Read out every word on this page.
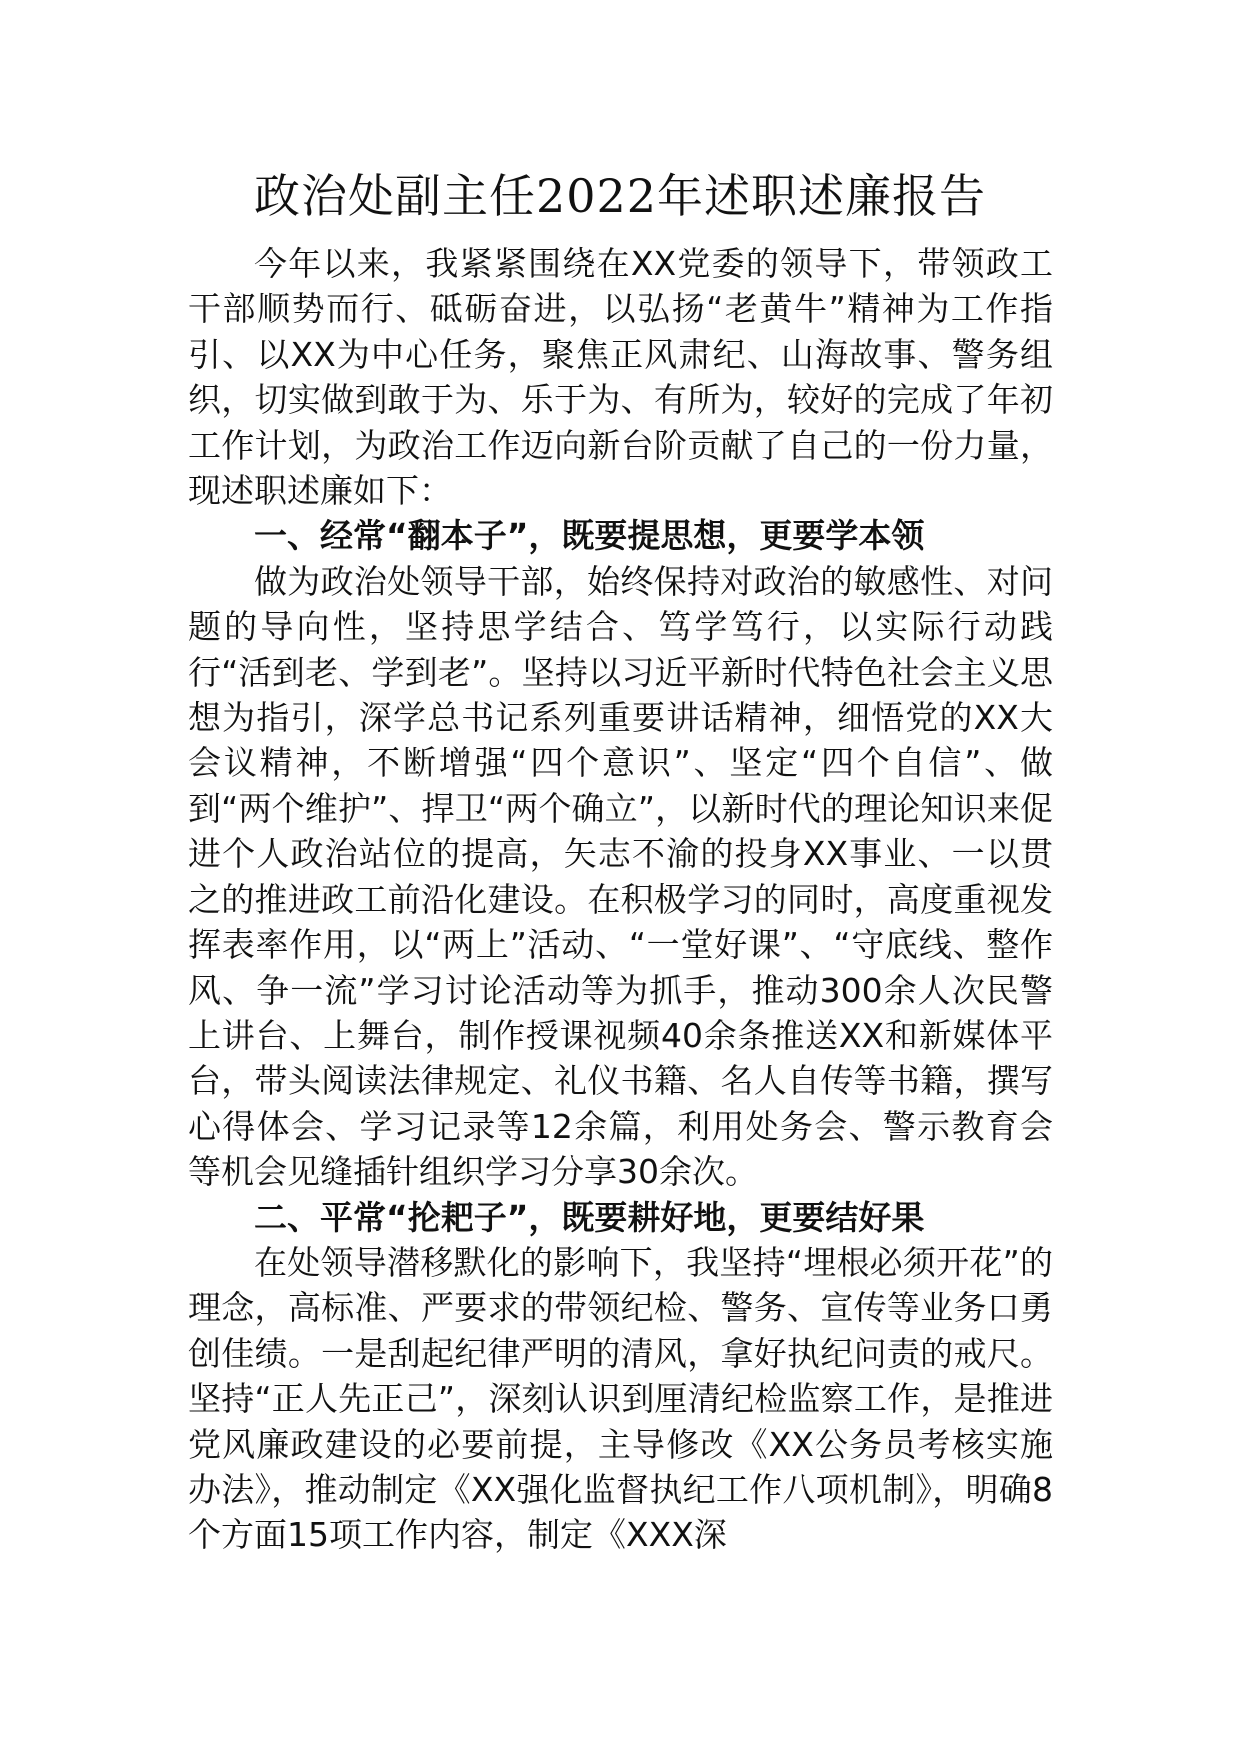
政治处副主任2022年述职述廉报告

今年以来，我紧紧围绕在XX党委的领导下，带领政工干部顺势而行、砥砺奋进，以弘扬“老黄牛”精神为工作指引、以XX为中心任务，聚焦正风肃纪、山海故事、警务组织，切实做到敢于为、乐于为、有所为，较好的完成了年初工作计划，为政治工作迈向新台阶贡献了自己的一份力量，现述职述廉如下：

一、经常“翻本子”，既要提思想，更要学本领

做为政治处领导干部，始终保持对政治的敏感性、对问题的导向性，坚持思学结合、笃学笃行，以实际行动践行“活到老、学到老”。坚持以习近平新时代特色社会主义思想为指引，深学总书记系列重要讲话精神，细悟党的XX大会议精神，不断增强“四个意识”、坚定“四个自信”、做到“两个维护”、捍卫“两个确立”，以新时代的理论知识来促进个人政治站位的提高，矢志不渝的投身XX事业、一以贯之的推进政工前沿化建设。在积极学习的同时，高度重视发挥表率作用，以“两上”活动、“一堂好课”、“守底线、整作风、争一流”学习讨论活动等为抓手，推动300余人次民警上讲台、上舞台，制作授课视频40余条推送XX和新媒体平台，带头阅读法律规定、礼仪书籍、名人自传等书籍，撰写心得体会、学习记录等12余篇，利用处务会、警示教育会等机会见缝插针组织学习分享30余次。

二、平常“抡耙子”，既要耕好地，更要结好果

在处领导潜移默化的影响下，我坚持“埋根必须开花”的理念，高标准、严要求的带领纪检、警务、宣传等业务口勇创佳绩。一是刮起纪律严明的清风，拿好执纪问责的戒尺。坚持“正人先正己”，深刻认识到厘清纪检监察工作，是推进党风廉政建设的必要前提，主导修改《XX公务员考核实施办法》，推动制定《XX强化监督执纪工作八项机制》，明确8个方面15项工作内容，制定《XXX深
